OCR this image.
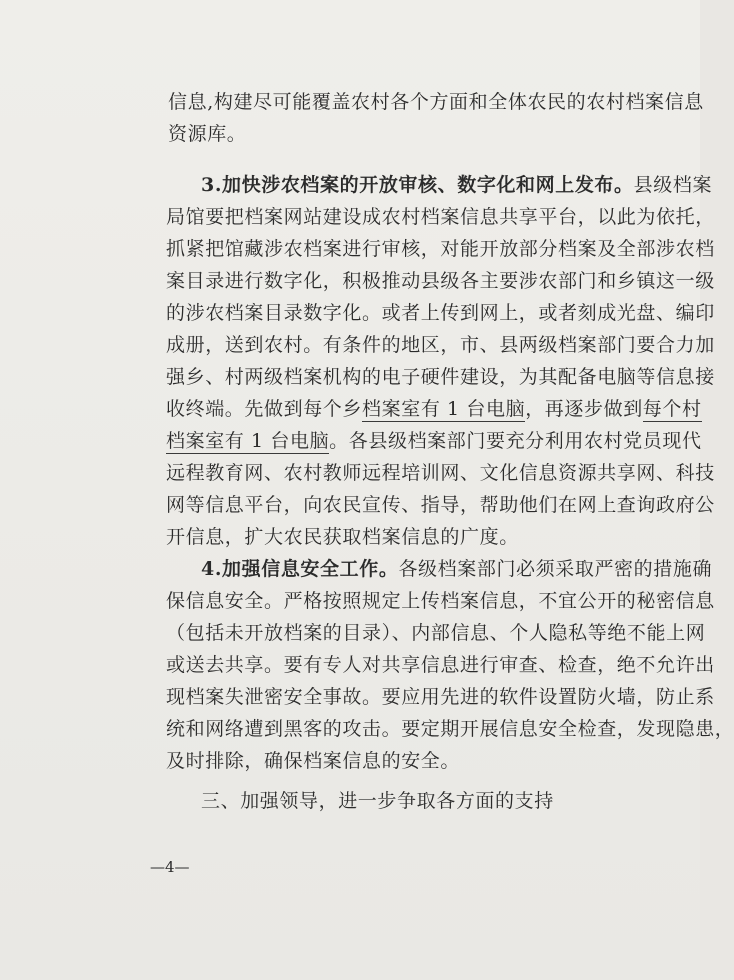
信息,构建尽可能覆盖农村各个方面和全体农民的农村档案信息
资源库。
3.加快涉农档案的开放审核、数字化和网上发布。县级档案
局馆要把档案网站建设成农村档案信息共享平台，以此为依托，
抓紧把馆藏涉农档案进行审核，对能开放部分档案及全部涉农档
案目录进行数字化，积极推动县级各主要涉农部门和乡镇这一级
的涉农档案目录数字化。或者上传到网上，或者刻成光盘、编印
成册，送到农村。有条件的地区，市、县两级档案部门要合力加
强乡、村两级档案机构的电子硬件建设，为其配备电脑等信息接
收终端。先做到每个乡档案室有 1 台电脑，再逐步做到每个村
档案室有 1 台电脑。各县级档案部门要充分利用农村党员现代
远程教育网、农村教师远程培训网、文化信息资源共享网、科技
网等信息平台，向农民宣传、指导，帮助他们在网上查询政府公
开信息，扩大农民获取档案信息的广度。
4.加强信息安全工作。各级档案部门必须采取严密的措施确
保信息安全。严格按照规定上传档案信息，不宜公开的秘密信息
（包括未开放档案的目录）、内部信息、个人隐私等绝不能上网
或送去共享。要有专人对共享信息进行审查、检查，绝不允许出
现档案失泄密安全事故。要应用先进的软件设置防火墙，防止系
统和网络遭到黑客的攻击。要定期开展信息安全检查，发现隐患，
及时排除，确保档案信息的安全。
三、加强领导，进一步争取各方面的支持
—4—
